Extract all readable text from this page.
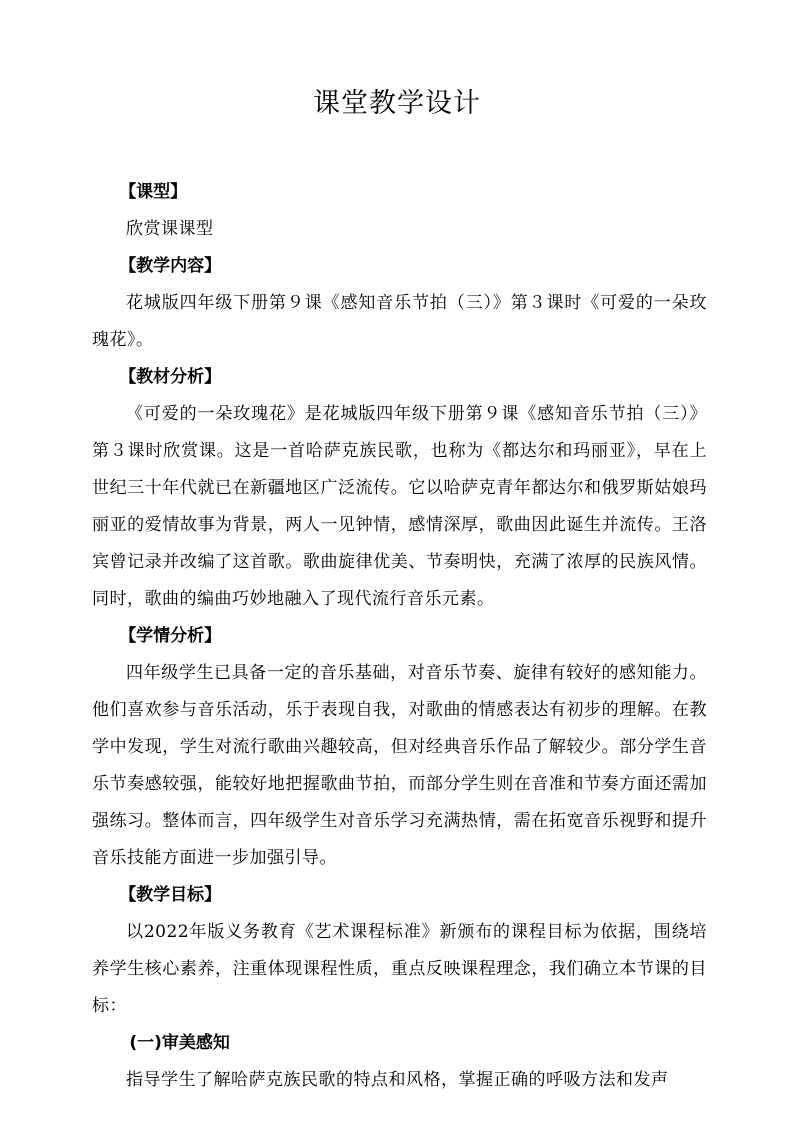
课堂教学设计
【课型】

欣赏课课型

【教学内容】

花城版四年级下册第９课《感知音乐节拍（三）》第３课时《可爱的一朵玫瑰花》。

【教材分析】

《可爱的一朵玫瑰花》是花城版四年级下册第９课《感知音乐节拍（三）》第３课时欣赏课。这是一首哈萨克族民歌，也称为《都达尔和玛丽亚》，早在上世纪三十年代就已在新疆地区广泛流传。它以哈萨克青年都达尔和俄罗斯姑娘玛丽亚的爱情故事为背景，两人一见钟情，感情深厚，歌曲因此诞生并流传。王洛宾曾记录并改编了这首歌。歌曲旋律优美、节奏明快，充满了浓厚的民族风情。同时，歌曲的编曲巧妙地融入了现代流行音乐元素。

【学情分析】

四年级学生已具备一定的音乐基础，对音乐节奏、旋律有较好的感知能力。他们喜欢参与音乐活动，乐于表现自我，对歌曲的情感表达有初步的理解。在教学中发现，学生对流行歌曲兴趣较高，但对经典音乐作品了解较少。部分学生音乐节奏感较强，能较好地把握歌曲节拍，而部分学生则在音准和节奏方面还需加强练习。整体而言，四年级学生对音乐学习充满热情，需在拓宽音乐视野和提升音乐技能方面进一步加强引导。

【教学目标】

以2022年版义务教育《艺术课程标准》新颁布的课程目标为依据，围绕培养学生核心素养，注重体现课程性质，重点反映课程理念，我们确立本节课的目标：

(一)审美感知

指导学生了解哈萨克族民歌的特点和风格，掌握正确的呼吸方法和发声
